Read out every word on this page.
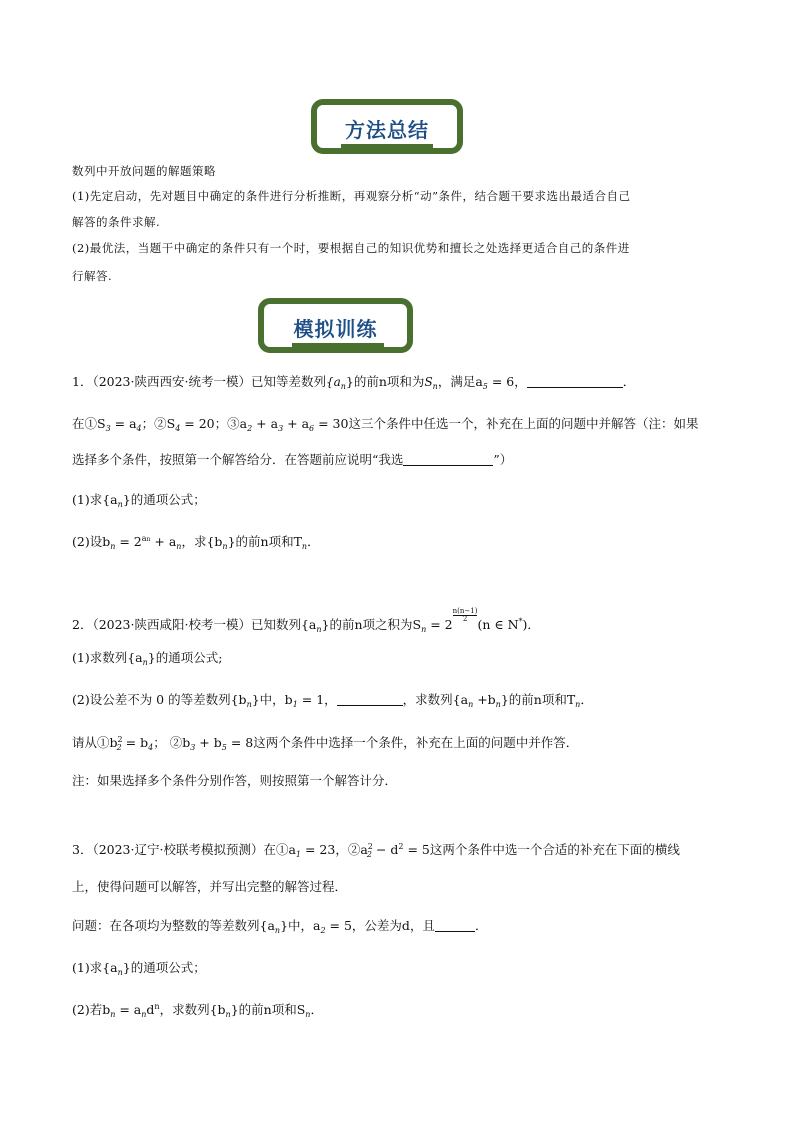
方法总结
数列中开放问题的解题策略
(1)先定启动，先对题目中确定的条件进行分析推断，再观察分析“动”条件，结合题干要求选出最适合自己
解答的条件求解.
(2)最优法，当题干中确定的条件只有一个时，要根据自己的知识优势和擅长之处选择更适合自己的条件进
行解答.
模拟训练
1．（2023·陕西西安·统考一模）已知等差数列$\{a_n\}$的前n项和为$S_n$，满足$a_5 = 6$，	．
在$①S_3 = a_4$；$②S_4 = 20$；$③a_2 + a_3 + a_6 = 30$这三个条件中任选一个，补充在上面的问题中并解答（注：如果
选择多个条件，按照第一个解答给分．在答题前应说明“我选	”）
(1)求$\{a_n\}$的通项公式；
(2)设$b_n = 2^{an} + a_n$，求$\{b_n\}$的前n项和$T_n$．
2．（2023·陕西咸阳·校考一模）已知数列$\{a_n\}$的前n项之积为$S_n = 2$
$\frac{n(n-1)}{2}$
(n ∈ N*)．
(1)求数列$\{a_n\}$的通项公式;
(2)设公差不为 0 的等差数列$\{b_n\}$中，$b_1 = 1$，	，求数列$\{a_n +b_n\}$的前n项和$T_n$．
请从$①b^2_2 = b_4$； $②b_3 + b_5 = 8$这两个条件中选择一个条件，补充在上面的问题中并作答．
注：如果选择多个条件分别作答，则按照第一个解答计分．
3．（2023·辽宁·校联考模拟预测）在$①a_1 = 23$，$②a^2_2 - d^2 = 5$这两个条件中选一个合适的补充在下面的横线
上，使得问题可以解答，并写出完整的解答过程．
问题：在各项均为整数的等差数列$\{a_n\}$中，$a_2 = 5$，公差为d，且	．
(1)求$\{a_n\}$的通项公式；
(2)若$b_n = a_nd^n$，求数列$\{b_n\}$的前n项和$S_n$．
